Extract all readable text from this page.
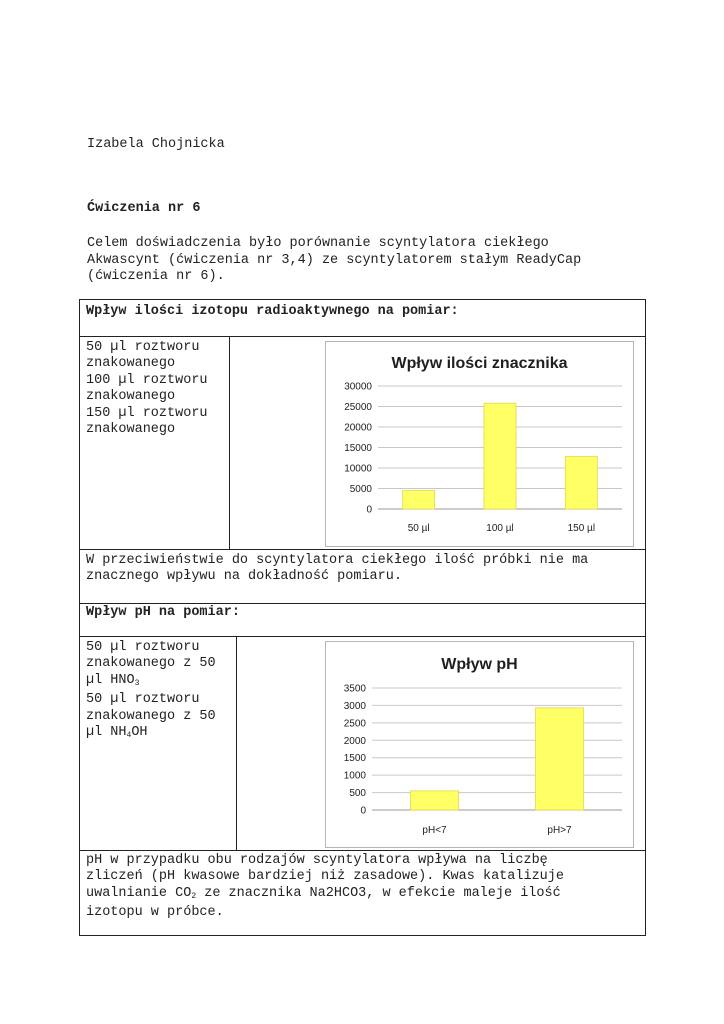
Izabela Chojnicka
Ćwiczenia nr 6
Celem doświadczenia było porównanie scyntylatora ciekłego
Akwascynt (ćwiczenia nr 3,4) ze scyntylatorem stałym ReadyCap
(ćwiczenia nr 6).
Wpływ ilości izotopu radioaktywnego na pomiar:
50 µl roztworu
znakowanego
100 µl roztworu
znakowanego
150 µl roztworu
znakowanego
Wpływ ilości znacznika
0
5000
10000
15000
20000
25000
30000
50 µl	100 µl	150 µl
W przeciwieństwie do scyntylatora ciekłego ilość próbki nie ma
znacznego wpływu na dokładność pomiaru.
Wpływ pH na pomiar:
50 µl roztworu
znakowanego z 50
µl $HNO_3$
50 µl roztworu
znakowanego z 50
µl $NH_4OH$
Wpływ pH
0
500
1000
1500
2000
2500
3000
3500
pH<7	pH>7
pH w przypadku obu rodzajów scyntylatora wpływa na liczbę
zliczeń (pH kwasowe bardziej niż zasadowe). Kwas katalizuje
uwalnianie $CO_2$ ze znacznika Na2HCO3, w efekcie maleje ilość
izotopu w próbce.
